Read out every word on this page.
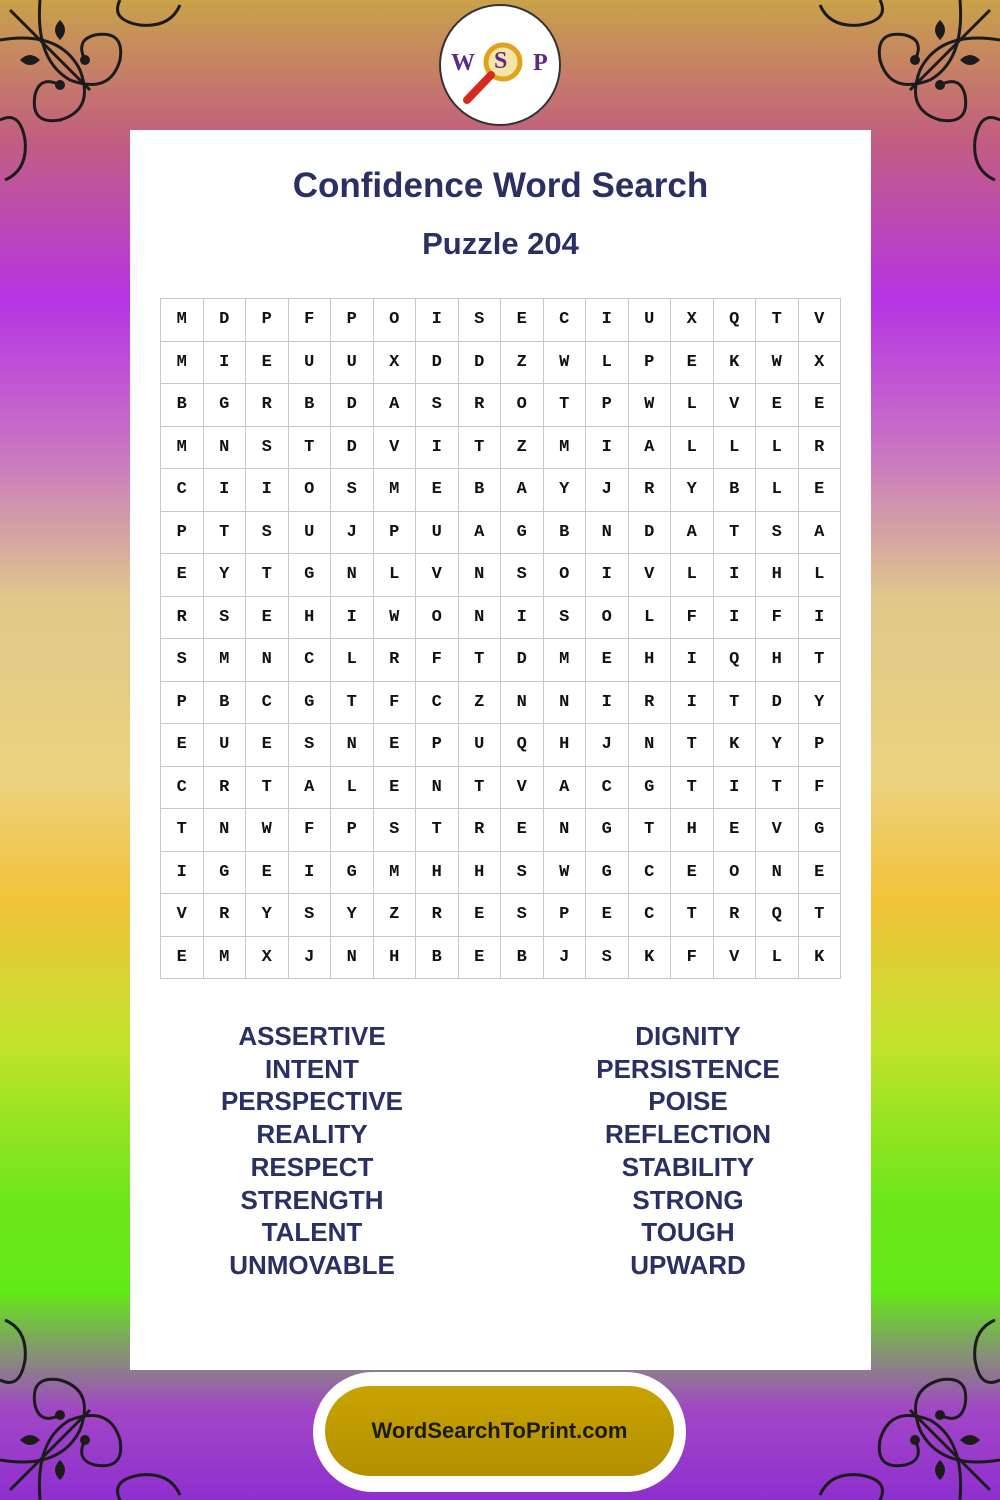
W S P
Confidence Word Search
Puzzle 204
M	D	P	F	P	O	I	S	E	C	I	U	X	Q	T	V
M	I	E	U	U	X	D	D	Z	W	L	P	E	K	W	X
B	G	R	B	D	A	S	R	O	T	P	W	L	V	E	E
M	N	S	T	D	V	I	T	Z	M	I	A	L	L	L	R
C	I	I	O	S	M	E	B	A	Y	J	R	Y	B	L	E
P	T	S	U	J	P	U	A	G	B	N	D	A	T	S	A
E	Y	T	G	N	L	V	N	S	O	I	V	L	I	H	L
R	S	E	H	I	W	O	N	I	S	O	L	F	I	F	I
S	M	N	C	L	R	F	T	D	M	E	H	I	Q	H	T
P	B	C	G	T	F	C	Z	N	N	I	R	I	T	D	Y
E	U	E	S	N	E	P	U	Q	H	J	N	T	K	Y	P
C	R	T	A	L	E	N	T	V	A	C	G	T	I	T	F
T	N	W	F	P	S	T	R	E	N	G	T	H	E	V	G
I	G	E	I	G	M	H	H	S	W	G	C	E	O	N	E
V	R	Y	S	Y	Z	R	E	S	P	E	C	T	R	Q	T
E	M	X	J	N	H	B	E	B	J	S	K	F	V	L	K
ASSERTIVE
INTENT
PERSPECTIVE
REALITY
RESPECT
STRENGTH
TALENT
UNMOVABLE
DIGNITY
PERSISTENCE
POISE
REFLECTION
STABILITY
STRONG
TOUGH
UPWARD
WordSearchToPrint.com
